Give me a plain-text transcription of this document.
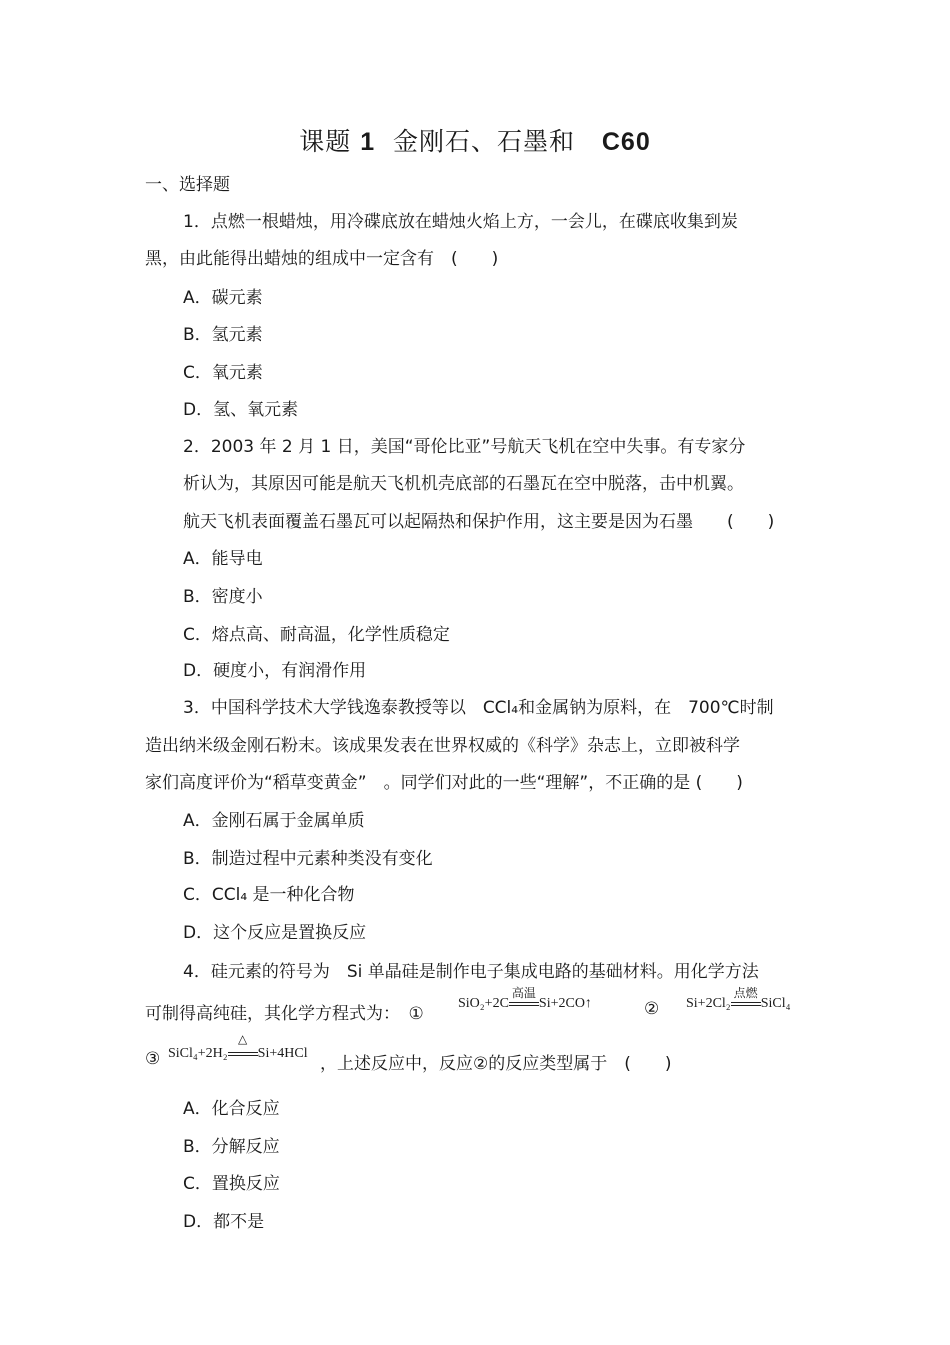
课题 1 金刚石、石墨和 C60
一、选择题
1．点燃一根蜡烛，用冷碟底放在蜡烛火焰上方，一会儿，在碟底收集到炭
黑，由此能得出蜡烛的组成中一定含有　(　　)
A．碳元素
B．氢元素
C．氧元素
D．氢、氧元素
2．2003 年 2 月 1 日，美国“哥伦比亚”号航天飞机在空中失事。有专家分
析认为，其原因可能是航天飞机机壳底部的石墨瓦在空中脱落，击中机翼。
航天飞机表面覆盖石墨瓦可以起隔热和保护作用，这主要是因为石墨　　(　　)
A．能导电
B．密度小
C．熔点高、耐高温，化学性质稳定
D．硬度小，有润滑作用
3．中国科学技术大学钱逸泰教授等以　CCl₄和金属钠为原料，在　700℃时制
造出纳米级金刚石粉末。该成果发表在世界权威的《科学》杂志上，立即被科学
家们高度评价为“稻草变黄金”　。同学们对此的一些“理解”，不正确的是 (　　)
A．金刚石属于金属单质
B．制造过程中元素种类没有变化
C．CCl₄ 是一种化合物
D．这个反应是置换反应
4．硅元素的符号为　Si 单晶硅是制作电子集成电路的基础材料。用化学方法
可制得高纯硅，其化学方程式为：　①
SiO₂+2C
高温
Si+2CO↑	② Si+2Cl₂
点燃
SiCl₄
③ SiCl₄+2H₂
△
Si+4HCl
，上述反应中，反应②的反应类型属于　(　　)
A．化合反应
B．分解反应
C．置换反应
D．都不是
